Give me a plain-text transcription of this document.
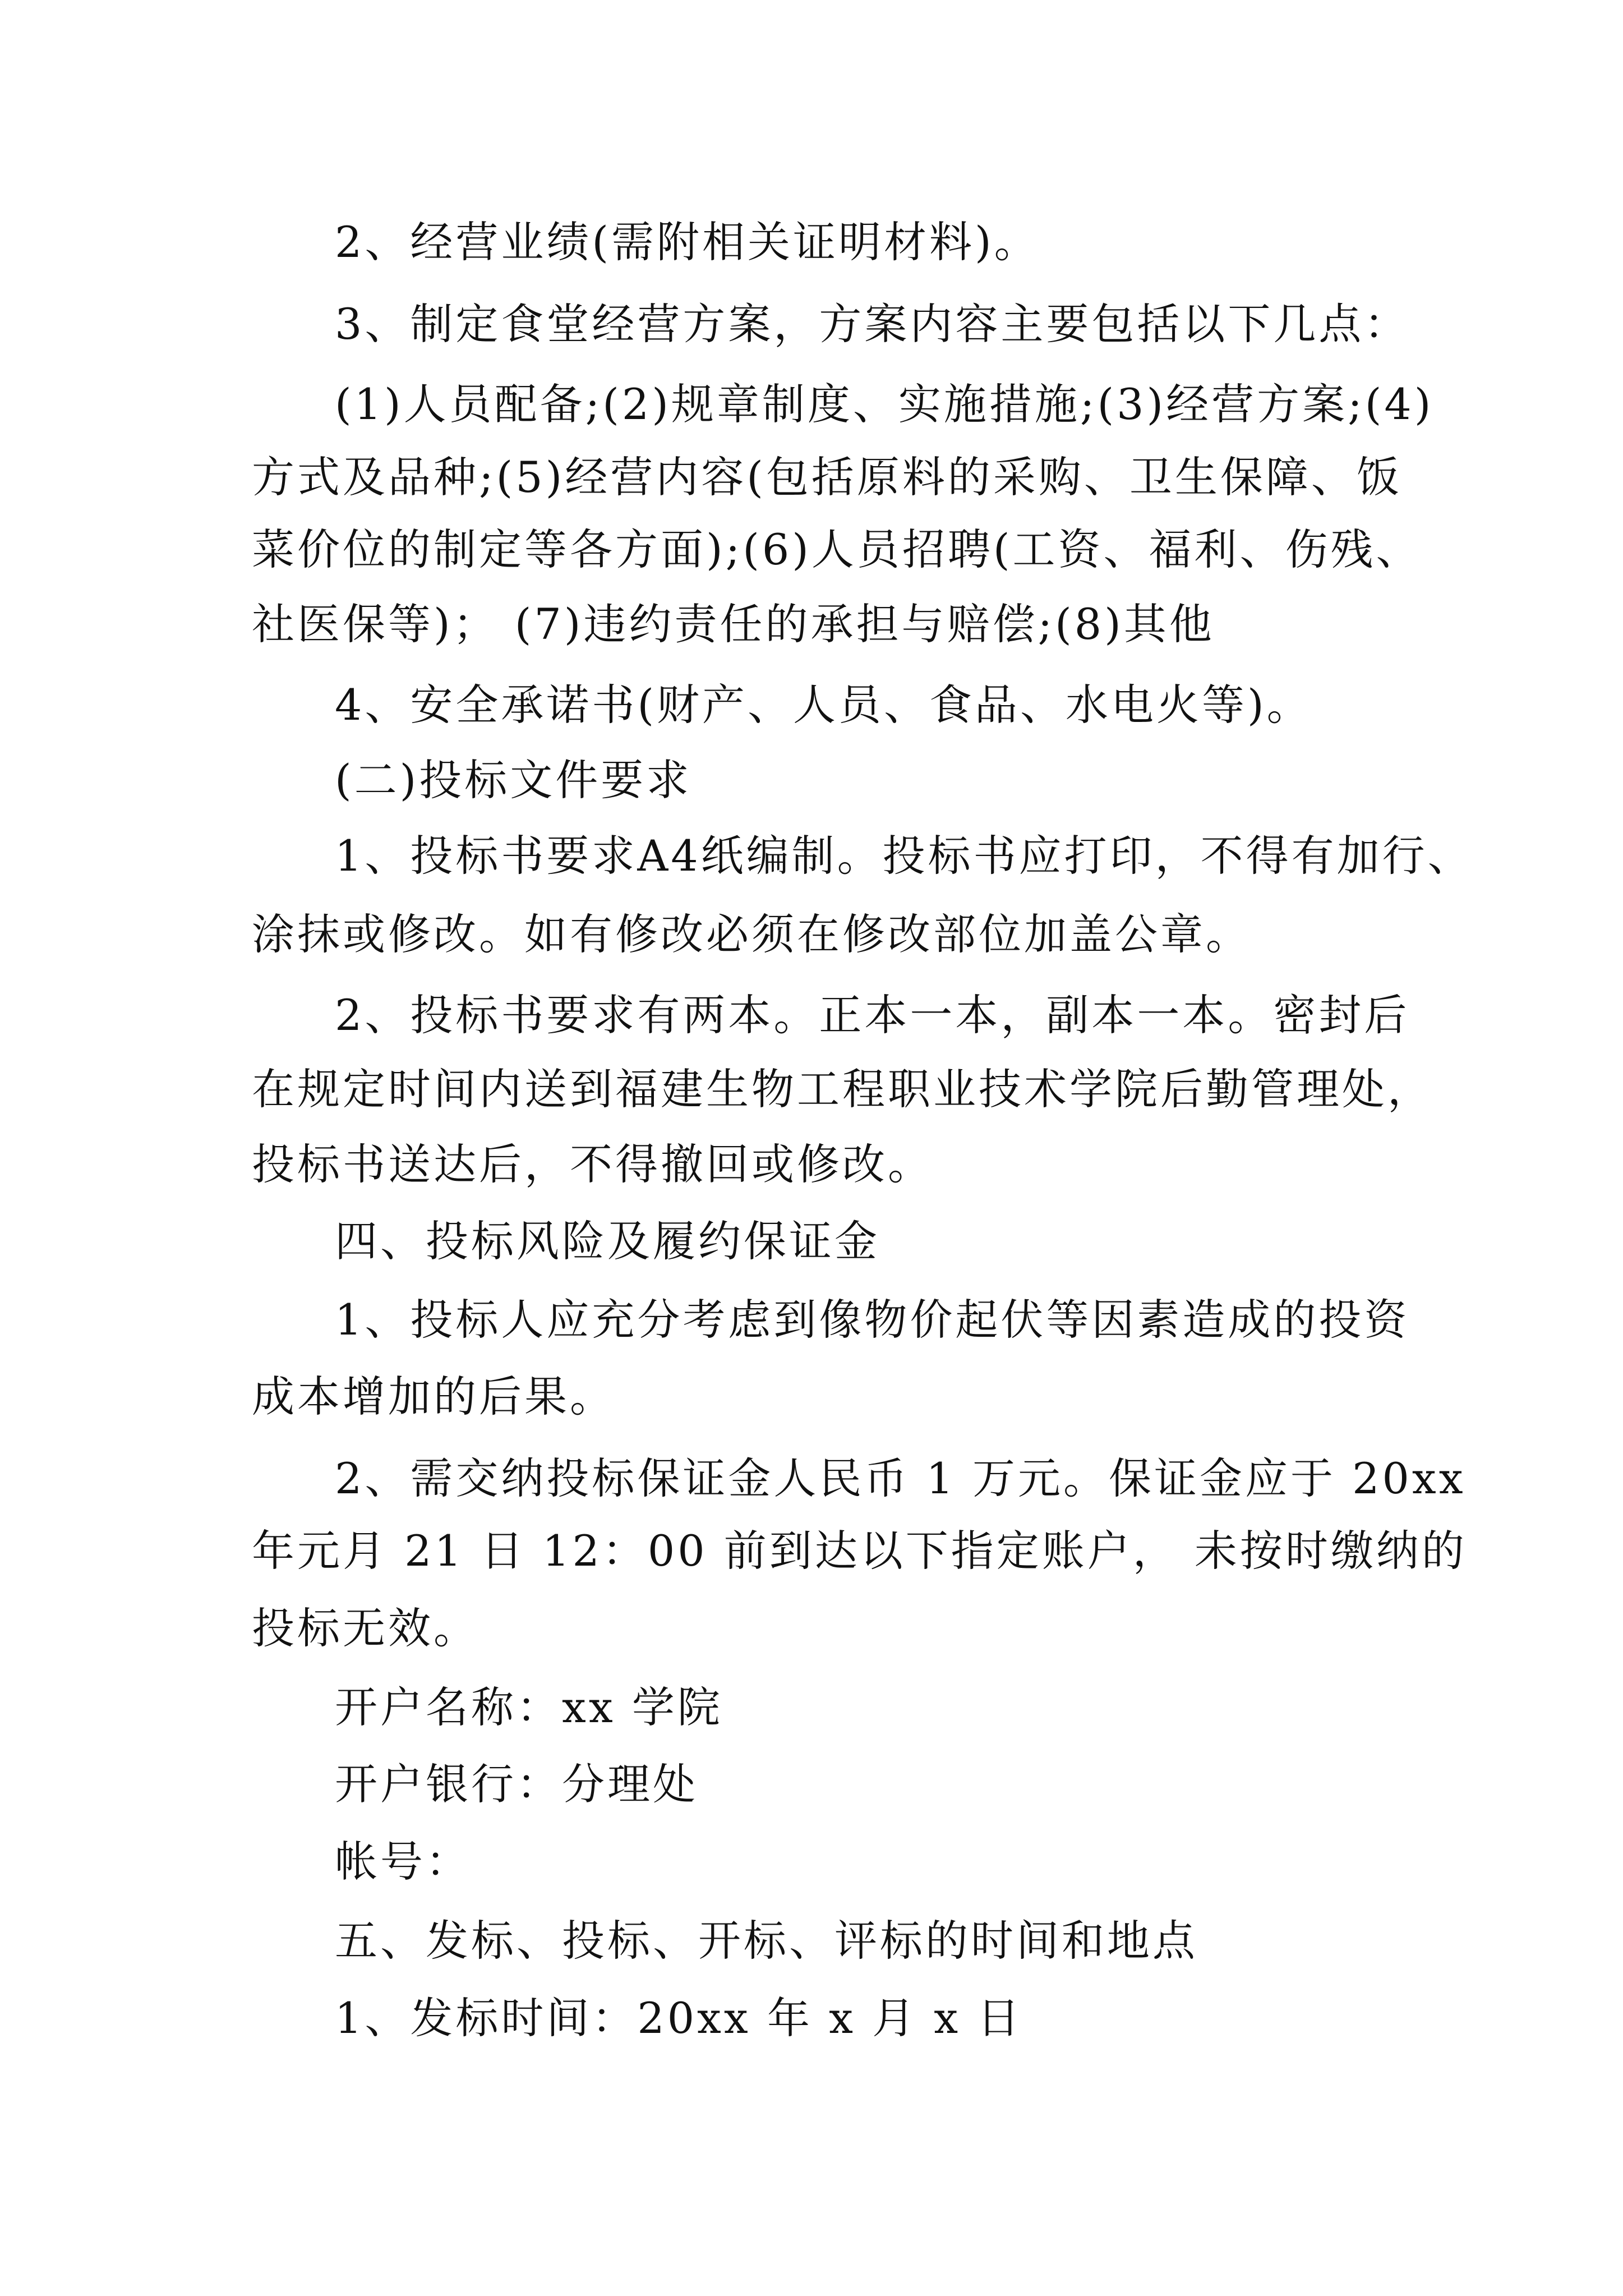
2、经营业绩(需附相关证明材料)。
3、制定食堂经营方案，方案内容主要包括以下几点：
(1)人员配备;(2)规章制度、实施措施;(3)经营方案;(4)
方式及品种;(5)经营内容(包括原料的采购、卫生保障、饭
菜价位的制定等各方面);(6)人员招聘(工资、福利、伤残、
社医保等)； (7)违约责任的承担与赔偿;(8)其他
4、安全承诺书(财产、人员、食品、水电火等)。
(二)投标文件要求
1、投标书要求A4纸编制。投标书应打印，不得有加行、
涂抹或修改。如有修改必须在修改部位加盖公章。
2、投标书要求有两本。正本一本，副本一本。密封后
在规定时间内送到福建生物工程职业技术学院后勤管理处，
投标书送达后，不得撤回或修改。
四、投标风险及履约保证金
1、投标人应充分考虑到像物价起伏等因素造成的投资
成本增加的后果。
2、需交纳投标保证金人民币 1 万元。保证金应于 20xx
年元月 21 日 12：00 前到达以下指定账户， 未按时缴纳的
投标无效。
开户名称：xx 学院
开户银行：分理处
帐号：
五、发标、投标、开标、评标的时间和地点
1、发标时间：20xx 年 x 月 x 日
